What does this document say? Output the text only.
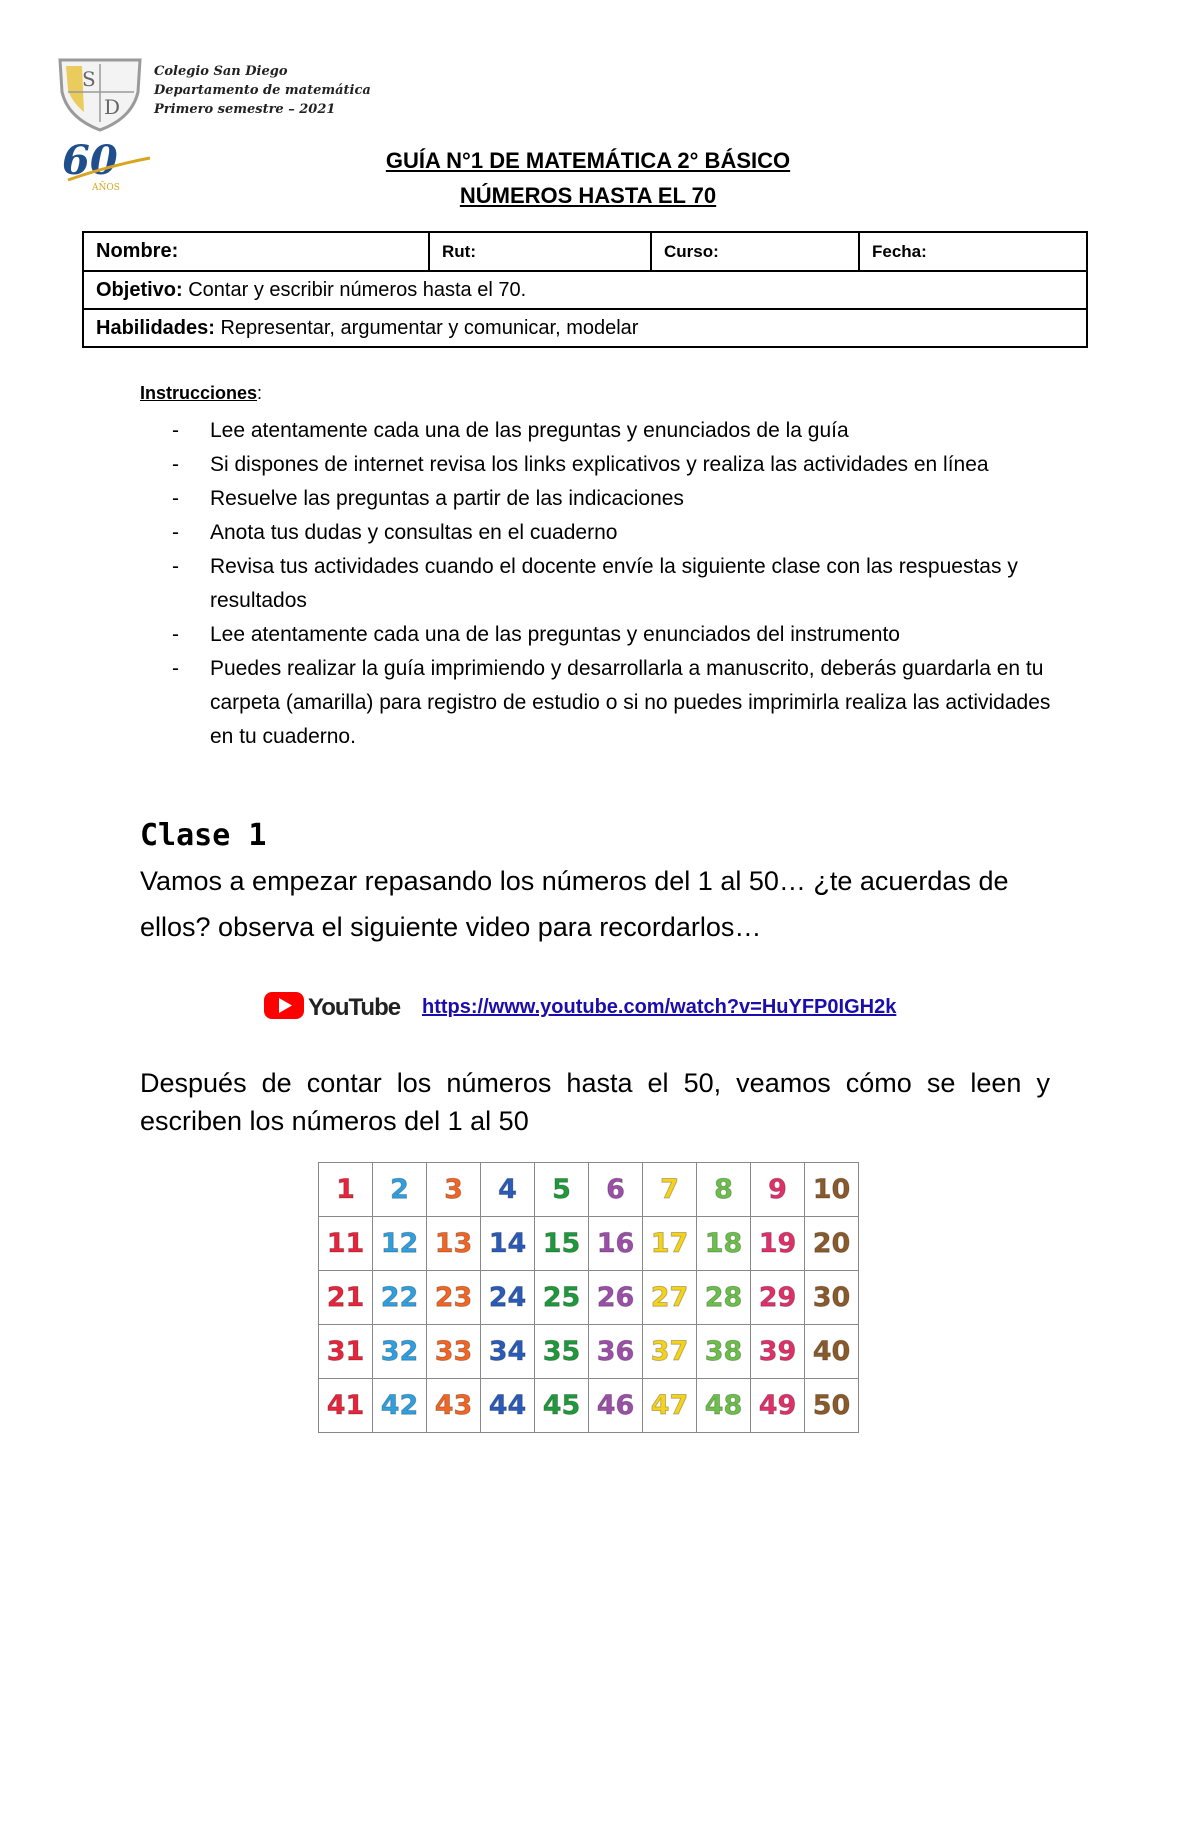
S
D
60
AÑOS
Colegio San Diego
Departamento de matemática
Primero semestre – 2021
GUÍA N°1 DE MATEMÁTICA 2° BÁSICO
NÚMEROS HASTA EL 70
Nombre:	Rut:	Curso:	Fecha:
Objetivo: Contar y escribir números hasta el 70.
Habilidades: Representar, argumentar y comunicar, modelar
Instrucciones:
- Lee atentamente cada una de las preguntas y enunciados de la guía
- Si dispones de internet revisa los links explicativos y realiza las actividades en línea
- Resuelve las preguntas a partir de las indicaciones
- Anota tus dudas y consultas en el cuaderno
- Revisa tus actividades cuando el docente envíe la siguiente clase con las respuestas y resultados
- Lee atentamente cada una de las preguntas y enunciados del instrumento
- Puedes realizar la guía imprimiendo y desarrollarla a manuscrito, deberás guardarla en tu carpeta (amarilla) para registro de estudio o si no puedes imprimirla realiza las actividades en tu cuaderno.
Clase 1
Vamos a empezar repasando los números del 1 al 50… ¿te acuerdas de ellos? observa el siguiente video para recordarlos…
YouTube https://www.youtube.com/watch?v=HuYFP0IGH2k
Después de contar los números hasta el 50, veamos cómo se leen y escriben los números del 1 al 50
1	2	3	4	5	6	7	8	9	10
11	12	13	14	15	16	17	18	19	20
21	22	23	24	25	26	27	28	29	30
31	32	33	34	35	36	37	38	39	40
41	42	43	44	45	46	47	48	49	50
